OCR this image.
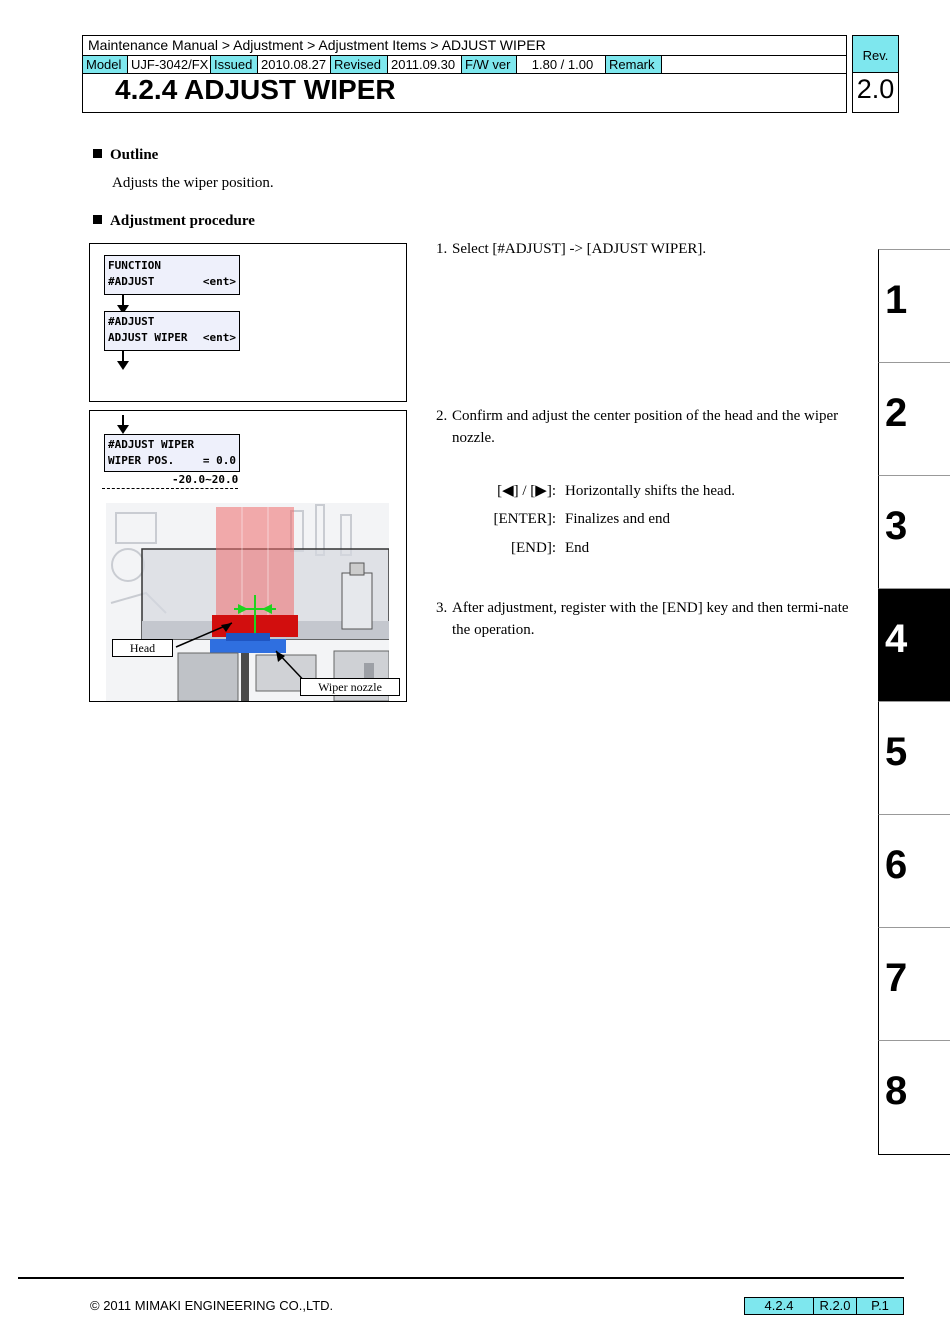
Maintenance Manual > Adjustment > Adjustment Items > ADJUST WIPER
Model UJF-3042/FX Issued 2010.08.27 Revised 2011.09.30 F/W ver	1.80 / 1.00	Remark
4.2.4 ADJUST WIPER
Rev.
2.0
Outline
Adjusts the wiper position.
Adjustment procedure
FUNCTION
#ADJUST	<ent>
#ADJUST
ADJUST WIPER <ent>
#ADJUST WIPER
WIPER POS.	= 0.0
-20.0~20.0
Head
Wiper nozzle
1. Select [#ADJUST] -> [ADJUST WIPER].
2. Confirm and adjust the center position of the head and the wiper nozzle.
[◀] / [▶]: Horizontally shifts the head.
[ENTER]: Finalizes and end
[END]: End
3. After adjustment, register with the [END] key and then termi-nate the operation.
1
2
3
4
5
6
7
8
© 2011 MIMAKI ENGINEERING CO.,LTD.	4.2.4	R.2.0	P.1
